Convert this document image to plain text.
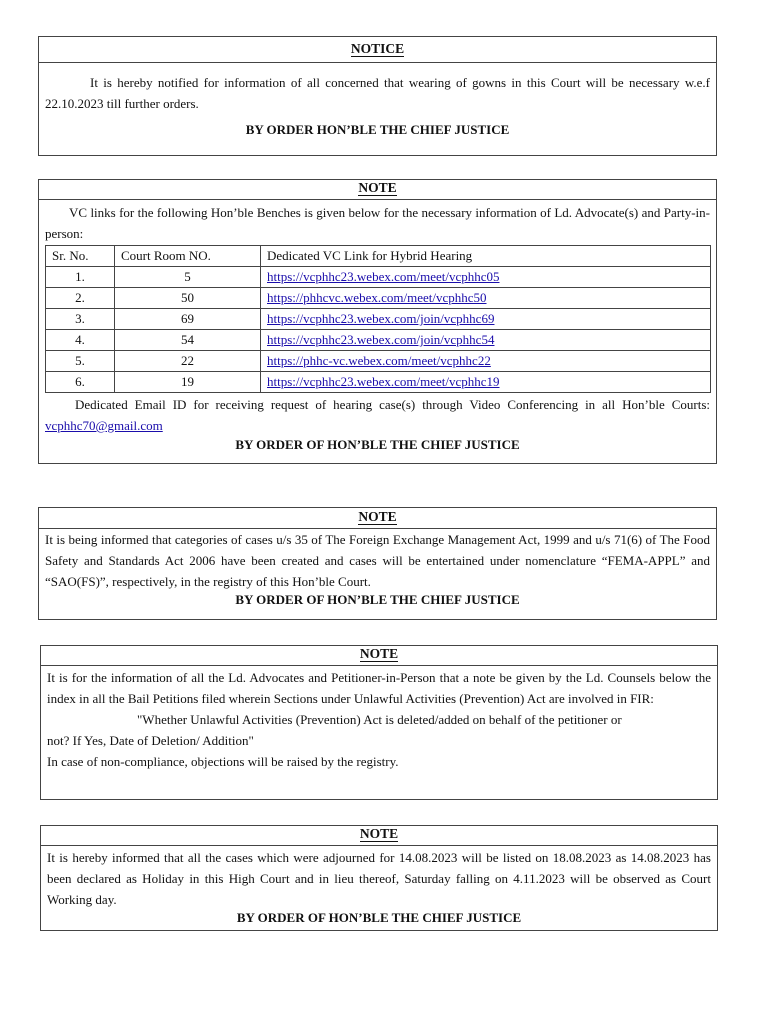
NOTICE
It is hereby notified for information of all concerned that wearing of gowns in this Court will be necessary w.e.f 22.10.2023 till further orders.
BY ORDER HON’BLE THE CHIEF JUSTICE
NOTE
VC links for the following Hon’ble Benches is given below for the necessary information of Ld. Advocate(s) and Party-in-person:
Sr. No.	Court Room NO.	Dedicated VC Link for Hybrid Hearing
1.	5	https://vcphhc23.webex.com/meet/vcphhc05
2.	50	https://phhcvc.webex.com/meet/vcphhc50
3.	69	https://vcphhc23.webex.com/join/vcphhc69
4.	54	https://vcphhc23.webex.com/join/vcphhc54
5.	22	https://phhc-vc.webex.com/meet/vcphhc22
6.	19	https://vcphhc23.webex.com/meet/vcphhc19
Dedicated Email ID for receiving request of hearing case(s) through Video Conferencing in all Hon’ble Courts: vcphhc70@gmail.com
BY ORDER OF HON’BLE THE CHIEF JUSTICE
NOTE
It is being informed that categories of cases u/s 35 of The Foreign Exchange Management Act, 1999 and u/s 71(6) of The Food Safety and Standards Act 2006 have been created and cases will be entertained under nomenclature “FEMA-APPL” and “SAO(FS)”, respectively, in the registry of this Hon’ble Court.
BY ORDER OF HON’BLE THE CHIEF JUSTICE
NOTE
It is for the information of all the Ld. Advocates and Petitioner-in-Person that a note be given by the Ld. Counsels below the index in all the Bail Petitions filed wherein Sections under Unlawful Activities (Prevention) Act are involved in FIR:
"Whether Unlawful Activities (Prevention) Act is deleted/added on behalf of the petitioner or
not? If Yes, Date of Deletion/ Addition"
In case of non-compliance, objections will be raised by the registry.
NOTE
It is hereby informed that all the cases which were adjourned for 14.08.2023 will be listed on 18.08.2023 as 14.08.2023 has been declared as Holiday in this High Court and in lieu thereof, Saturday falling on 4.11.2023 will be observed as Court Working day.
BY ORDER OF HON’BLE THE CHIEF JUSTICE
